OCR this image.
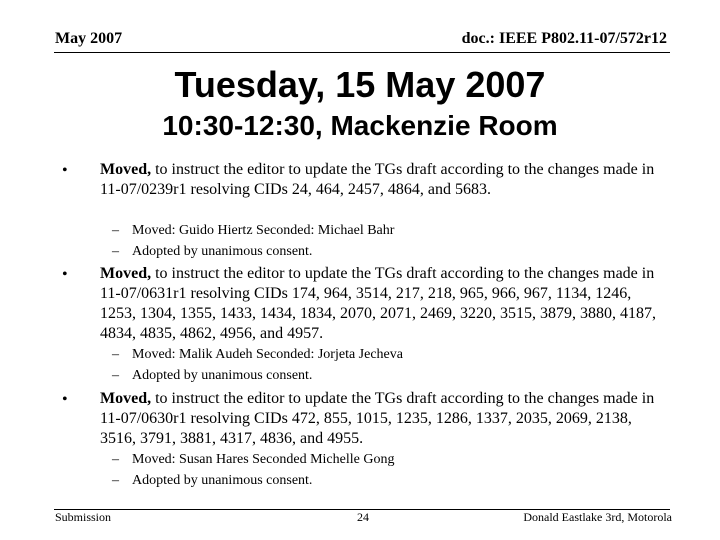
May 2007	doc.: IEEE P802.11-07/572r12
Tuesday, 15 May 2007
10:30-12:30, Mackenzie Room
• Moved, to instruct the editor to update the TGs draft according to the changes made in 11-07/0239r1 resolving CIDs 24, 464, 2457, 4864, and 5683.
– Moved: Guido Hiertz Seconded: Michael Bahr
– Adopted by unanimous consent.
• Moved, to instruct the editor to update the TGs draft according to the changes made in 11-07/0631r1 resolving CIDs 174, 964, 3514, 217, 218, 965, 966, 967, 1134, 1246, 1253, 1304, 1355, 1433, 1434, 1834, 2070, 2071, 2469, 3220, 3515, 3879, 3880, 4187, 4834, 4835, 4862, 4956, and 4957.
– Moved: Malik Audeh Seconded: Jorjeta Jecheva
– Adopted by unanimous consent.
• Moved, to instruct the editor to update the TGs draft according to the changes made in 11-07/0630r1 resolving CIDs 472, 855, 1015, 1235, 1286, 1337, 2035, 2069, 2138, 3516, 3791, 3881, 4317, 4836, and 4955.
– Moved: Susan Hares Seconded Michelle Gong
– Adopted by unanimous consent.
Submission	24	Donald Eastlake 3rd, Motorola
